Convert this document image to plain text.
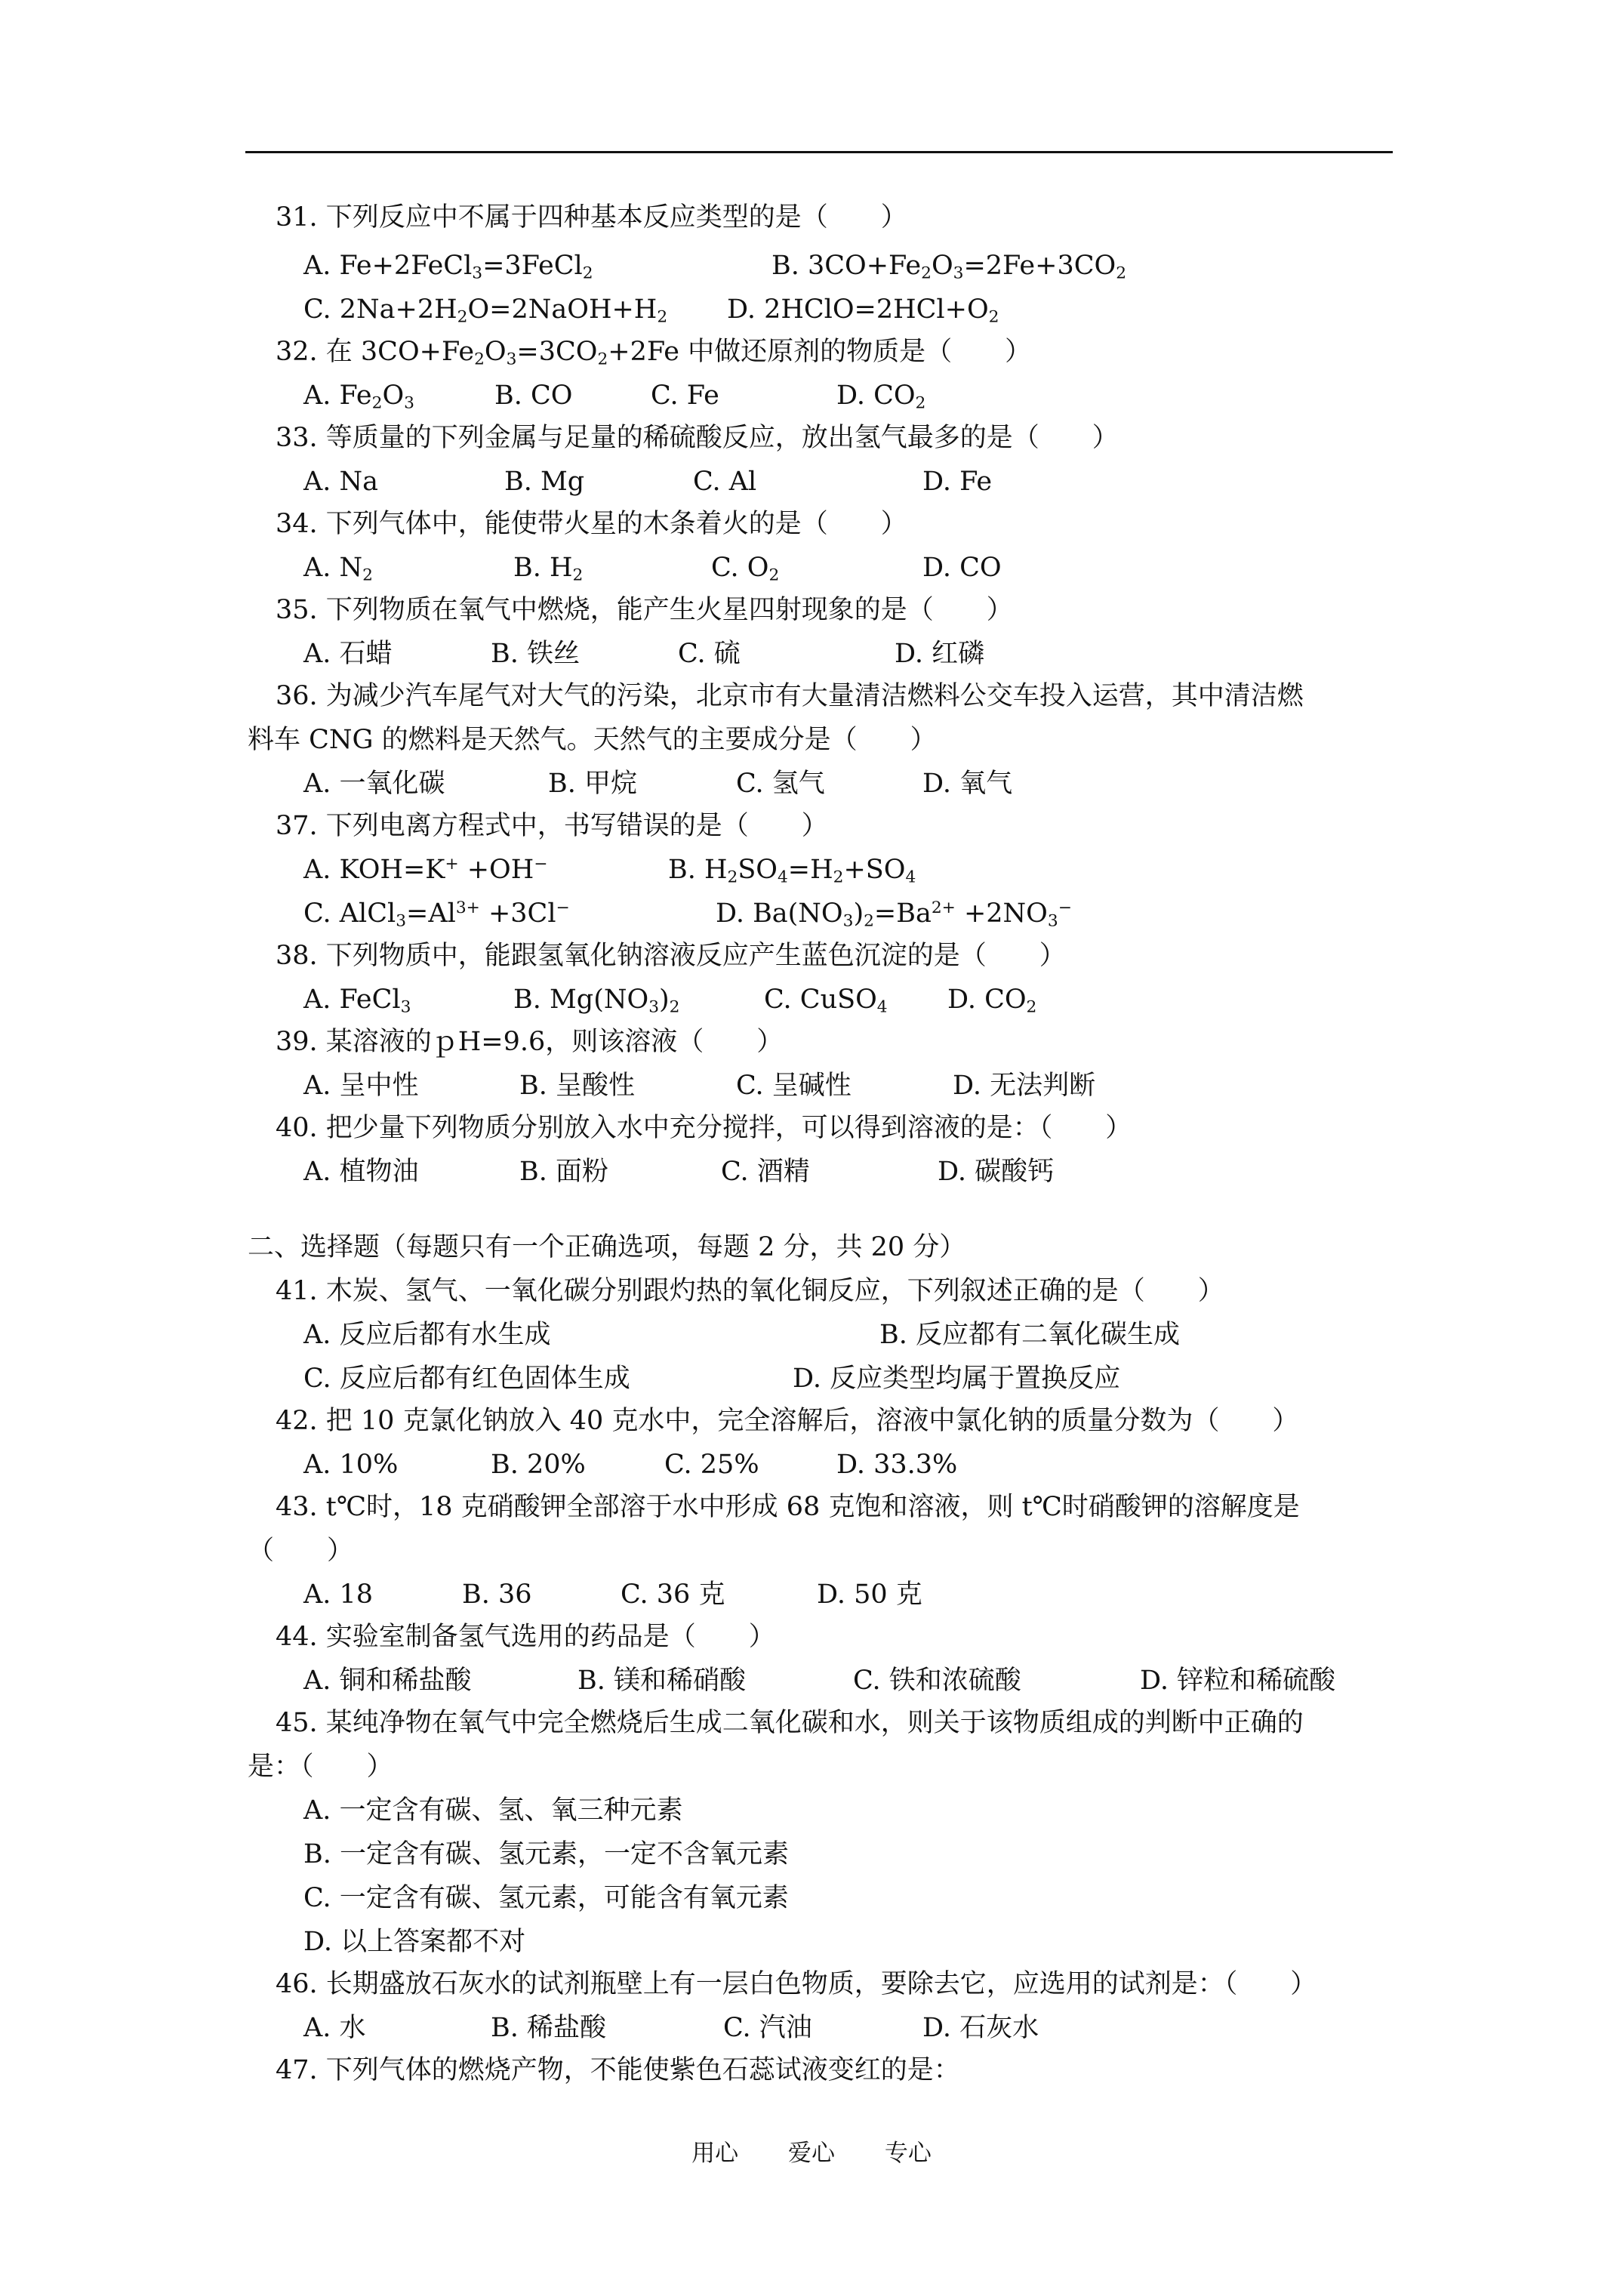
31. 下列反应中不属于四种基本反应类型的是（　　）
A. Fe+2FeCl$_3$=3FeCl$_2$	B. $3CO+Fe_2O_3=2Fe+3CO_2$
C. $2Na+2H_2O=2NaOH+H_2$ D. $2HClO=2HCl+O_2$
32. 在 $3CO+Fe_2O_3=3CO_2+2Fe$ 中做还原剂的物质是（　　）
A. $Fe_2O_3$	B. CO	C. Fe	D. $CO_2$
33. 等质量的下列金属与足量的稀硫酸反应，放出氢气最多的是（　　）
A. Na	B. Mg	C. Al	D. Fe
34. 下列气体中，能使带火星的木条着火的是（　　）
A. $N_2$	B. $H_2$	C. $O_2$	D. CO
35. 下列物质在氧气中燃烧，能产生火星四射现象的是（　　）
A. 石蜡	B. 铁丝	C. 硫	D. 红磷
36. 为减少汽车尾气对大气的污染，北京市有大量清洁燃料公交车投入运营，其中清洁燃
料车 CNG 的燃料是天然气。天然气的主要成分是（　　）
A. 一氧化碳	B. 甲烷	C. 氢气	D. 氧气
37. 下列电离方程式中，书写错误的是（　　）
A. KOH=K+ +OH−	B. $H_2SO_4=H_2+SO_4$
C. $AlCl_3=Al^{3+} +3Cl^-$	D. $Ba(NO_3)_2=Ba^{2+} +2NO_3^-$
38. 下列物质中，能跟氢氧化钠溶液反应产生蓝色沉淀的是（　　）
A. FeCl$_3$	B. $Mg(NO_3)_2$	C. CuSO$_4$ D. $CO_2$
39. 某溶液的ｐH=9.6，则该溶液（　　）
A. 呈中性	B. 呈酸性	C. 呈碱性	D. 无法判断
40. 把少量下列物质分别放入水中充分搅拌，可以得到溶液的是：（　　）
A. 植物油	B. 面粉	C. 酒精	D. 碳酸钙
二、选择题（每题只有一个正确选项，每题 2 分，共 20 分）
41. 木炭、氢气、一氧化碳分别跟灼热的氧化铜反应，下列叙述正确的是（　　）
A. 反应后都有水生成	B. 反应都有二氧化碳生成
C. 反应后都有红色固体生成	D. 反应类型均属于置换反应
42. 把 10 克氯化钠放入 40 克水中，完全溶解后，溶液中氯化钠的质量分数为（　　）
A. 10%	B. 20%	C. 25%	D. 33.3%
43. t℃时，18 克硝酸钾全部溶于水中形成 68 克饱和溶液，则 t℃时硝酸钾的溶解度是
（　　）
A. 18	B. 36	C. 36 克	D. 50 克
44. 实验室制备氢气选用的药品是（　　）
A. 铜和稀盐酸	B. 镁和稀硝酸	C. 铁和浓硫酸	D. 锌粒和稀硫酸
45. 某纯净物在氧气中完全燃烧后生成二氧化碳和水，则关于该物质组成的判断中正确的
是：（　　）
A. 一定含有碳、氢、氧三种元素
B. 一定含有碳、氢元素，一定不含氧元素
C. 一定含有碳、氢元素，可能含有氧元素
D. 以上答案都不对
46. 长期盛放石灰水的试剂瓶壁上有一层白色物质，要除去它，应选用的试剂是：（　　）
A. 水	B. 稀盐酸	C. 汽油	D. 石灰水
47. 下列气体的燃烧产物，不能使紫色石蕊试液变红的是：
用心 爱心 专心
